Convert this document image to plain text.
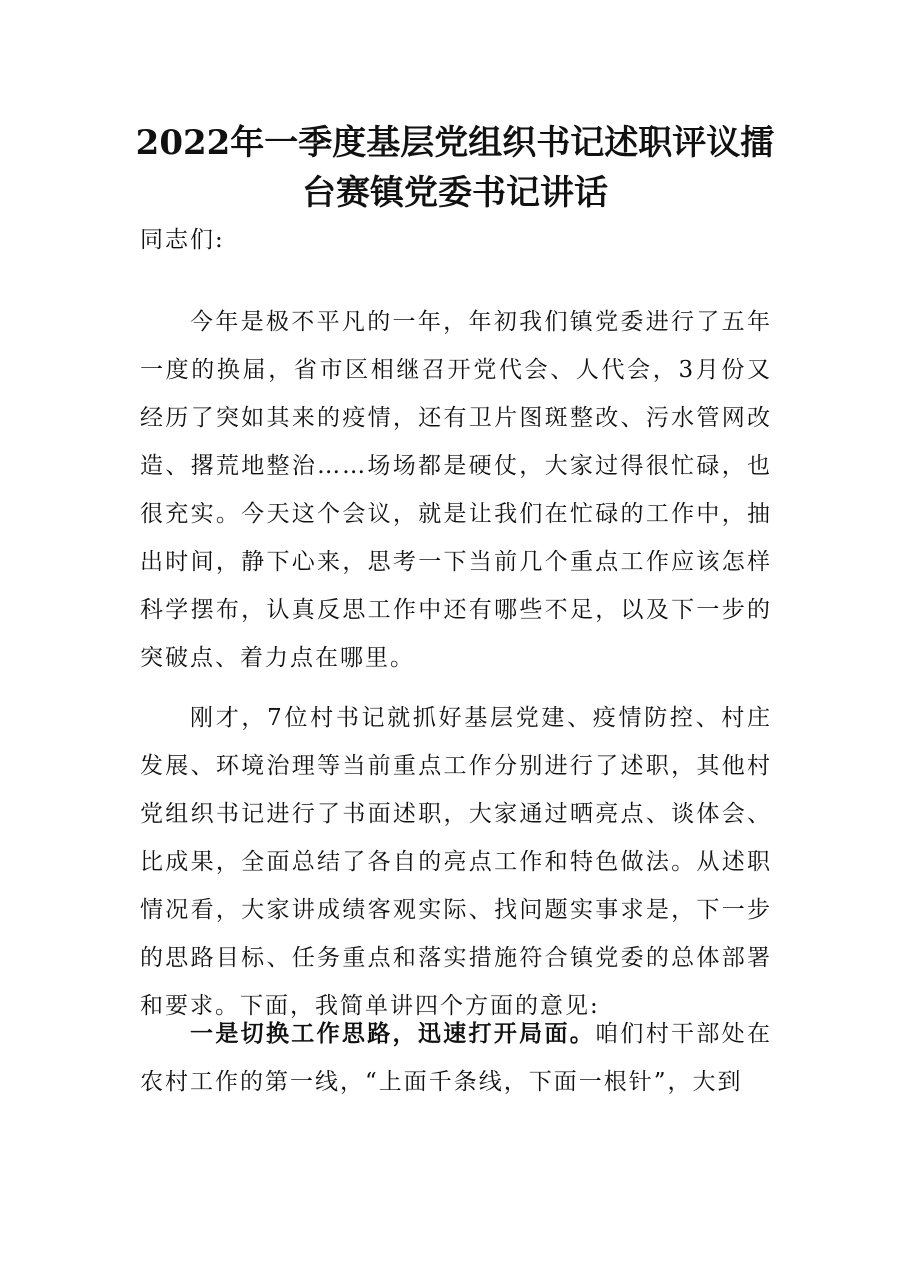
2022年一季度基层党组织书记述职评议擂台赛镇党委书记讲话
同志们:
今年是极不平凡的一年，年初我们镇党委进行了五年一度的换届，省市区相继召开党代会、人代会，3月份又经历了突如其来的疫情，还有卫片图斑整改、污水管网改造、撂荒地整治……场场都是硬仗，大家过得很忙碌，也很充实。今天这个会议，就是让我们在忙碌的工作中，抽出时间，静下心来，思考一下当前几个重点工作应该怎样科学摆布，认真反思工作中还有哪些不足，以及下一步的突破点、着力点在哪里。
刚才，7位村书记就抓好基层党建、疫情防控、村庄发展、环境治理等当前重点工作分别进行了述职，其他村党组织书记进行了书面述职，大家通过晒亮点、谈体会、比成果，全面总结了各自的亮点工作和特色做法。从述职情况看，大家讲成绩客观实际、找问题实事求是，下一步的思路目标、任务重点和落实措施符合镇党委的总体部署和要求。下面，我简单讲四个方面的意见:
一是切换工作思路，迅速打开局面。咱们村干部处在农村工作的第一线，“上面千条线，下面一根针”，大到
